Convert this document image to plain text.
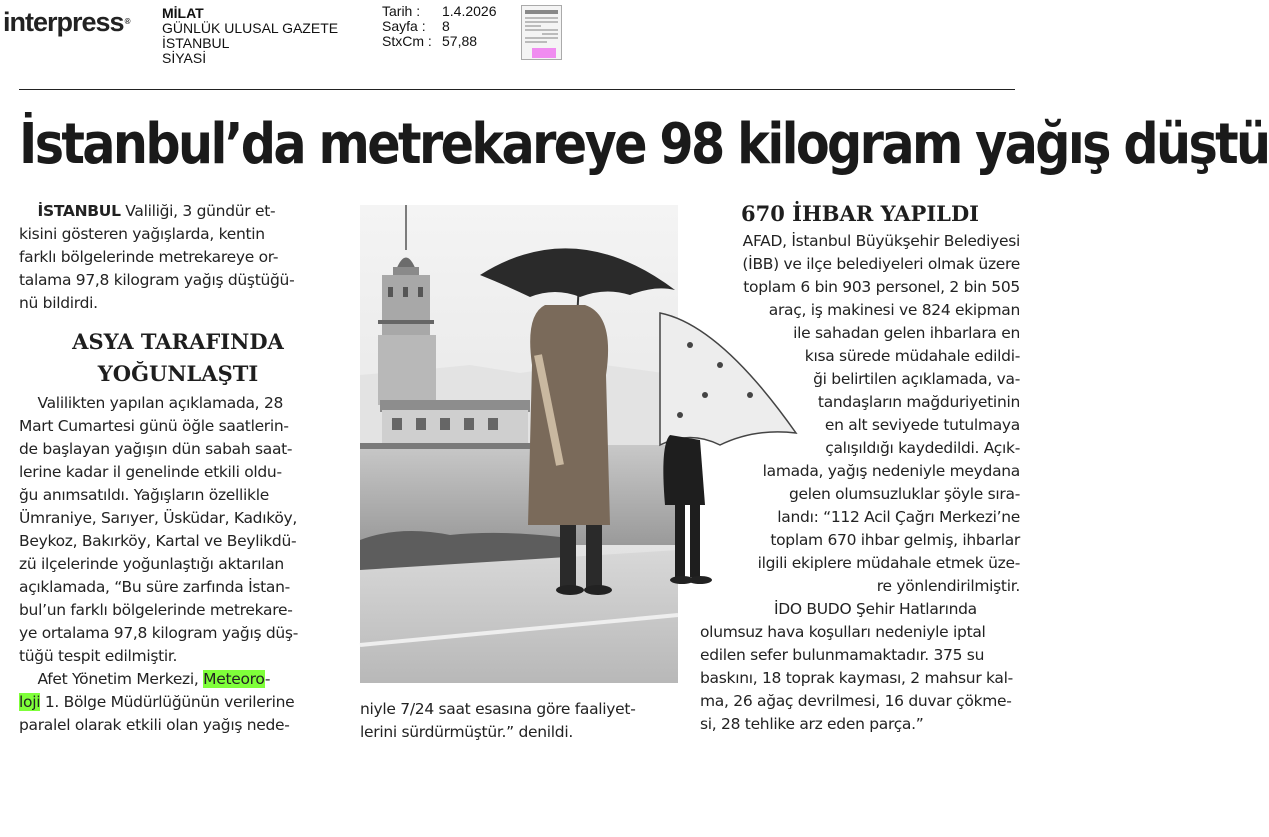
interpress®
MİLAT
GÜNLÜK ULUSAL GAZETE
İSTANBUL
SİYASİ
Tarih :
Sayfa :
StxCm :
1.4.2026
8
57,88
İstanbul’da metrekareye 98 kilogram yağış düştü
İSTANBUL Valiliği, 3 gündür et-
kisini gösteren yağışlarda, kentin
farklı bölgelerinde metrekareye or-
talama 97,8 kilogram yağış düştüğü-
nü bildirdi.
ASYA TARAFINDA
YOĞUNLAŞTI
Valilikten yapılan açıklamada, 28
Mart Cumartesi günü öğle saatlerin-
de başlayan yağışın dün sabah saat-
lerine kadar il genelinde etkili oldu-
ğu anımsatıldı. Yağışların özellikle
Ümraniye, Sarıyer, Üsküdar, Kadıköy,
Beykoz, Bakırköy, Kartal ve Beylikdü-
zü ilçelerinde yoğunlaştığı aktarılan
açıklamada, “Bu süre zarfında İstan-
bul’un farklı bölgelerinde metrekare-
ye ortalama 97,8 kilogram yağış düş-
tüğü tespit edilmiştir.
Afet Yönetim Merkezi, Meteoro-
loji 1. Bölge Müdürlüğünün verilerine
paralel olarak etkili olan yağış nede-
niyle 7/24 saat esasına göre faaliyet-
lerini sürdürmüştür.” denildi.
670 İHBAR YAPILDI
AFAD, İstanbul Büyükşehir Belediyesi
(İBB) ve ilçe belediyeleri olmak üzere
toplam 6 bin 903 personel, 2 bin 505
araç, iş makinesi ve 824 ekipman
ile sahadan gelen ihbarlara en
kısa sürede müdahale edildi-
ği belirtilen açıklamada, va-
tandaşların mağduriyetinin
en alt seviyede tutulmaya
çalışıldığı kaydedildi. Açık-
lamada, yağış nedeniyle meydana
gelen olumsuzluklar şöyle sıra-
landı: “112 Acil Çağrı Merkezi’ne
toplam 670 ihbar gelmiş, ihbarlar
ilgili ekiplere müdahale etmek üze-
re yönlendirilmiştir.
İDO BUDO Şehir Hatlarında
olumsuz hava koşulları nedeniyle iptal
edilen sefer bulunmamaktadır. 375 su
baskını, 18 toprak kayması, 2 mahsur kal-
ma, 26 ağaç devrilmesi, 16 duvar çökme-
si, 28 tehlike arz eden parça.”
